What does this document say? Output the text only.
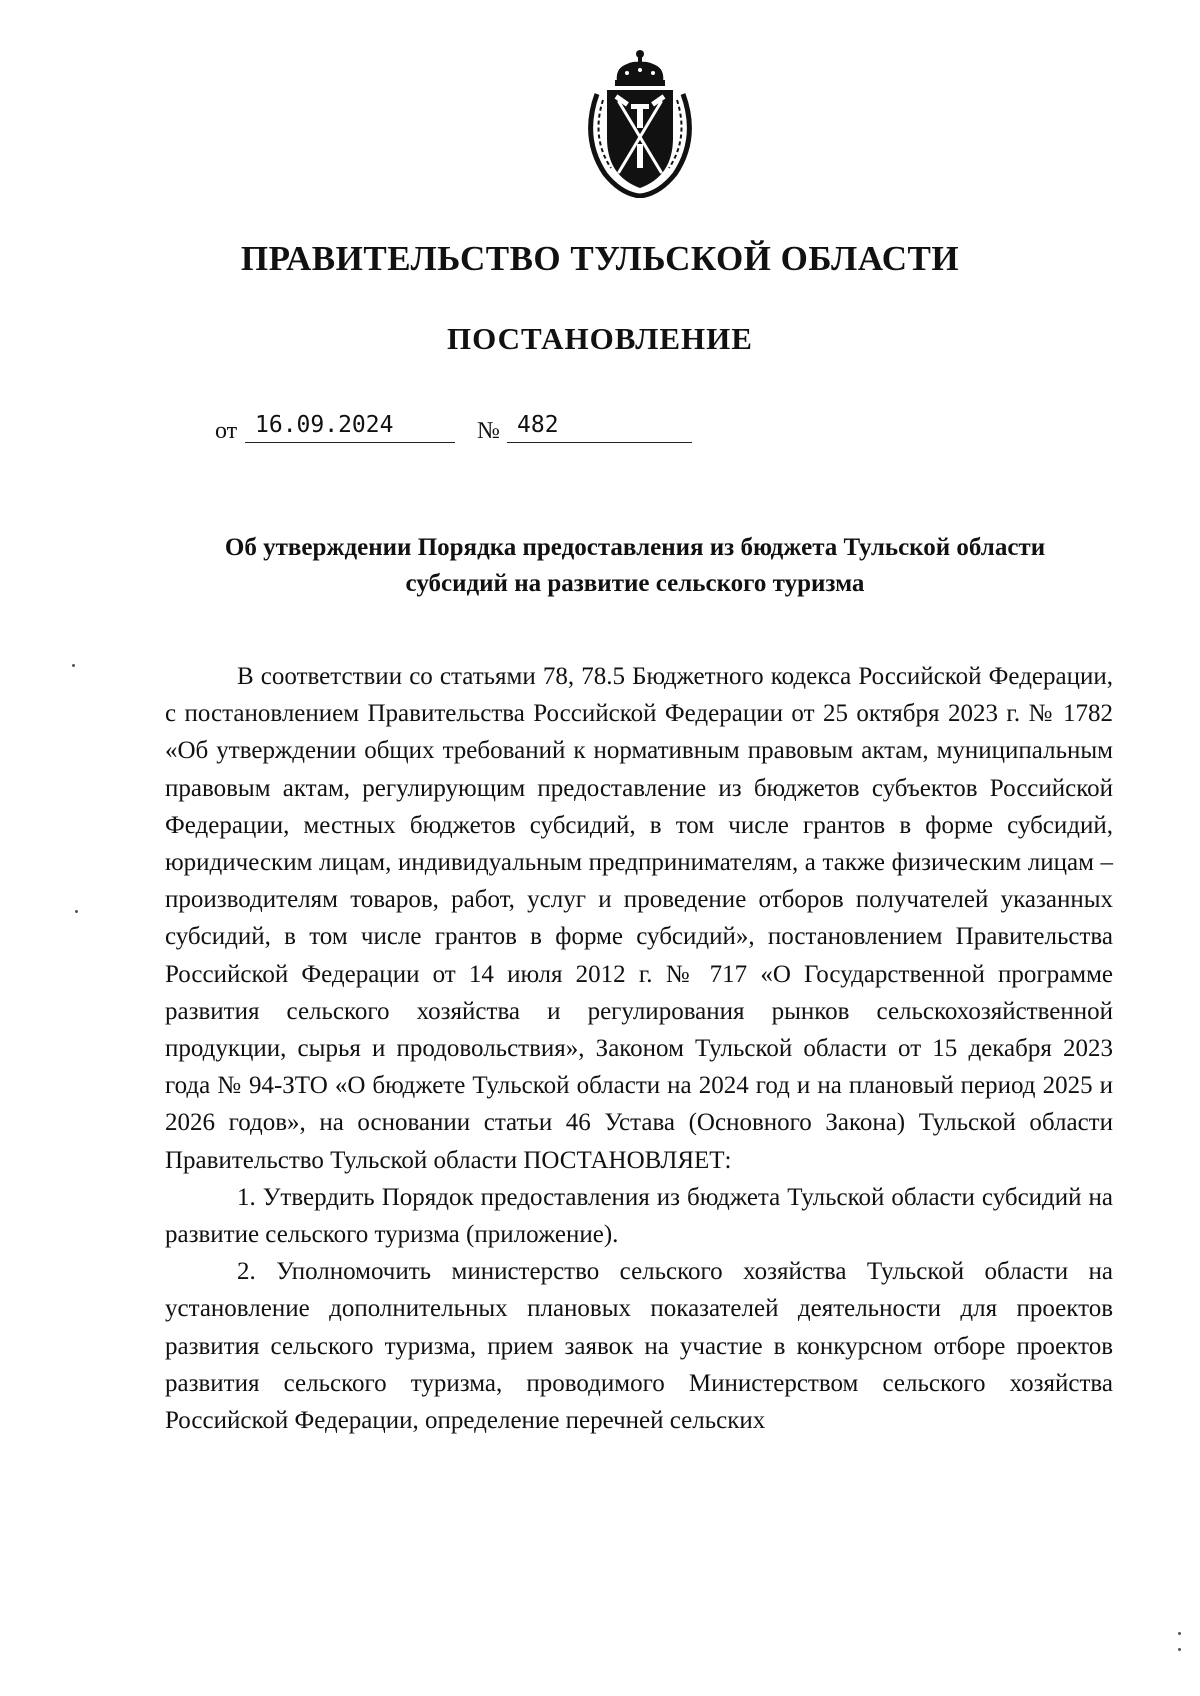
ПРАВИТЕЛЬСТВО ТУЛЬСКОЙ ОБЛАСТИ
ПОСТАНОВЛЕНИЕ
от 16.09.2024	№ 482
Об утверждении Порядка предоставления из бюджета Тульской области
субсидий на развитие сельского туризма

В соответствии со статьями 78, 78.5 Бюджетного кодекса Российской Федерации, с постановлением Правительства Российской Федерации от 25 октября 2023 г. № 1782 «Об утверждении общих требований к нормативным правовым актам, муниципальным правовым актам, регулирующим предоставление из бюджетов субъектов Российской Федерации, местных бюджетов субсидий, в том числе грантов в форме субсидий, юридическим лицам, индивидуальным предпринимателям, а также физическим лицам – производителям товаров, работ, услуг и проведение отборов получателей указанных субсидий, в том числе грантов в форме субсидий», постановлением Правительства Российской Федерации от 14 июля 2012 г. № 717 «О Государственной программе развития сельского хозяйства и регулирования рынков сельскохозяйственной продукции, сырья и продовольствия», Законом Тульской области от 15 декабря 2023 года № 94-ЗТО «О бюджете Тульской области на 2024 год и на плановый период 2025 и 2026 годов», на основании статьи 46 Устава (Основного Закона) Тульской области Правительство Тульской области ПОСТАНОВЛЯЕТ:

1. Утвердить Порядок предоставления из бюджета Тульской области субсидий на развитие сельского туризма (приложение).

2. Уполномочить министерство сельского хозяйства Тульской области на установление дополнительных плановых показателей деятельности для проектов развития сельского туризма, прием заявок на участие в конкурсном отборе проектов развития сельского туризма, проводимого Министерством сельского хозяйства Российской Федерации, определение перечней сельских
